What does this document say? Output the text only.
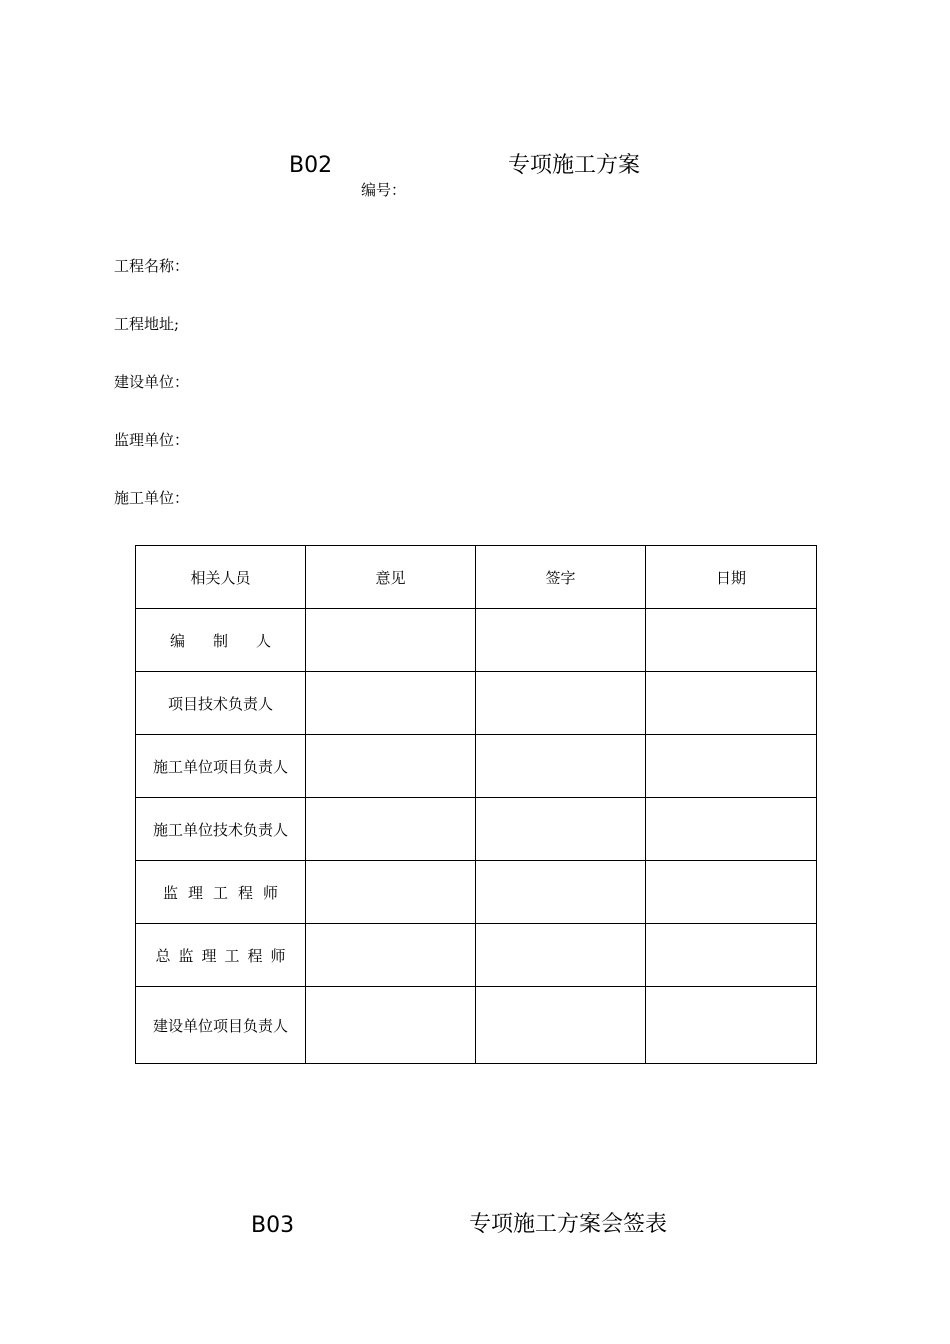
B02	专项施工方案
编号：
工程名称：
工程地址;
建设单位：
监理单位：
施工单位：
相关人员	意见	签字	日期
编制人			
项目技术负责人			
施工单位项目负责人			
施工单位技术负责人			
监理工程师			
总监理工程师			
建设单位项目负责人			
B03	专项施工方案会签表
